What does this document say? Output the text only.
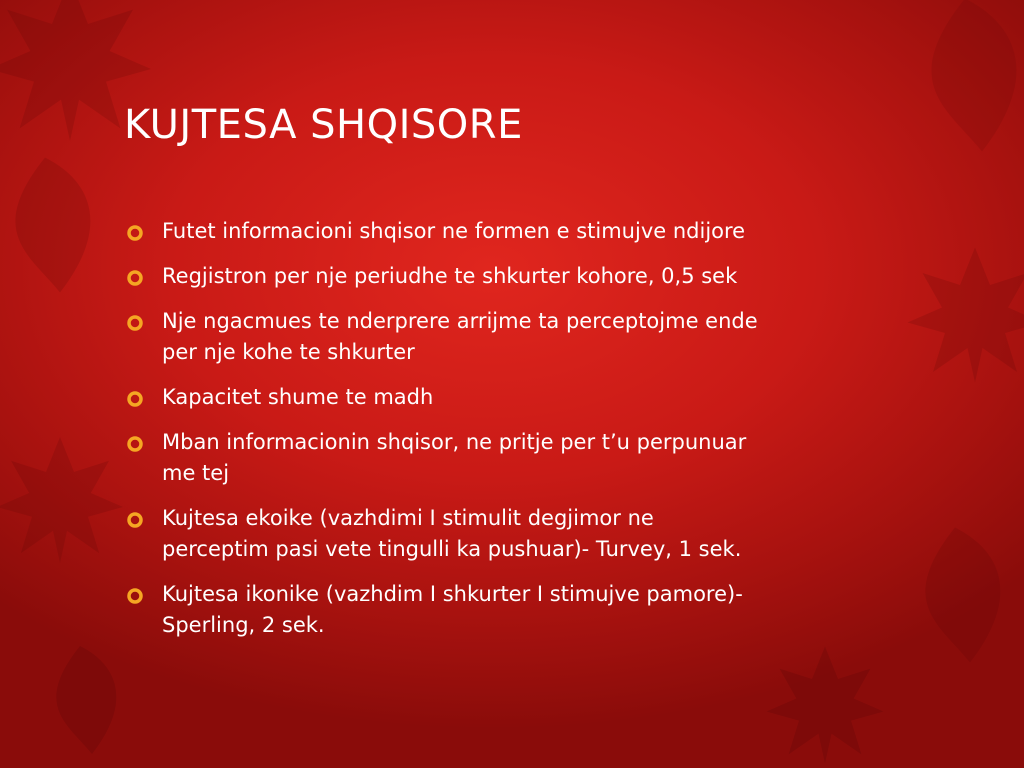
KUJTESA SHQISORE
Futet informacioni shqisor ne formen e stimujve ndijore
Regjistron per nje periudhe te shkurter kohore, 0,5 sek
Nje ngacmues te nderprere arrijme ta perceptojme ende
per nje kohe te shkurter
Kapacitet shume te madh
Mban informacionin shqisor, ne pritje per t’u perpunuar
me tej
Kujtesa ekoike (vazhdimi I stimulit degjimor ne
perceptim pasi vete tingulli ka pushuar)- Turvey, 1 sek.
Kujtesa ikonike (vazhdim I shkurter I stimujve pamore)-
Sperling, 2 sek.
